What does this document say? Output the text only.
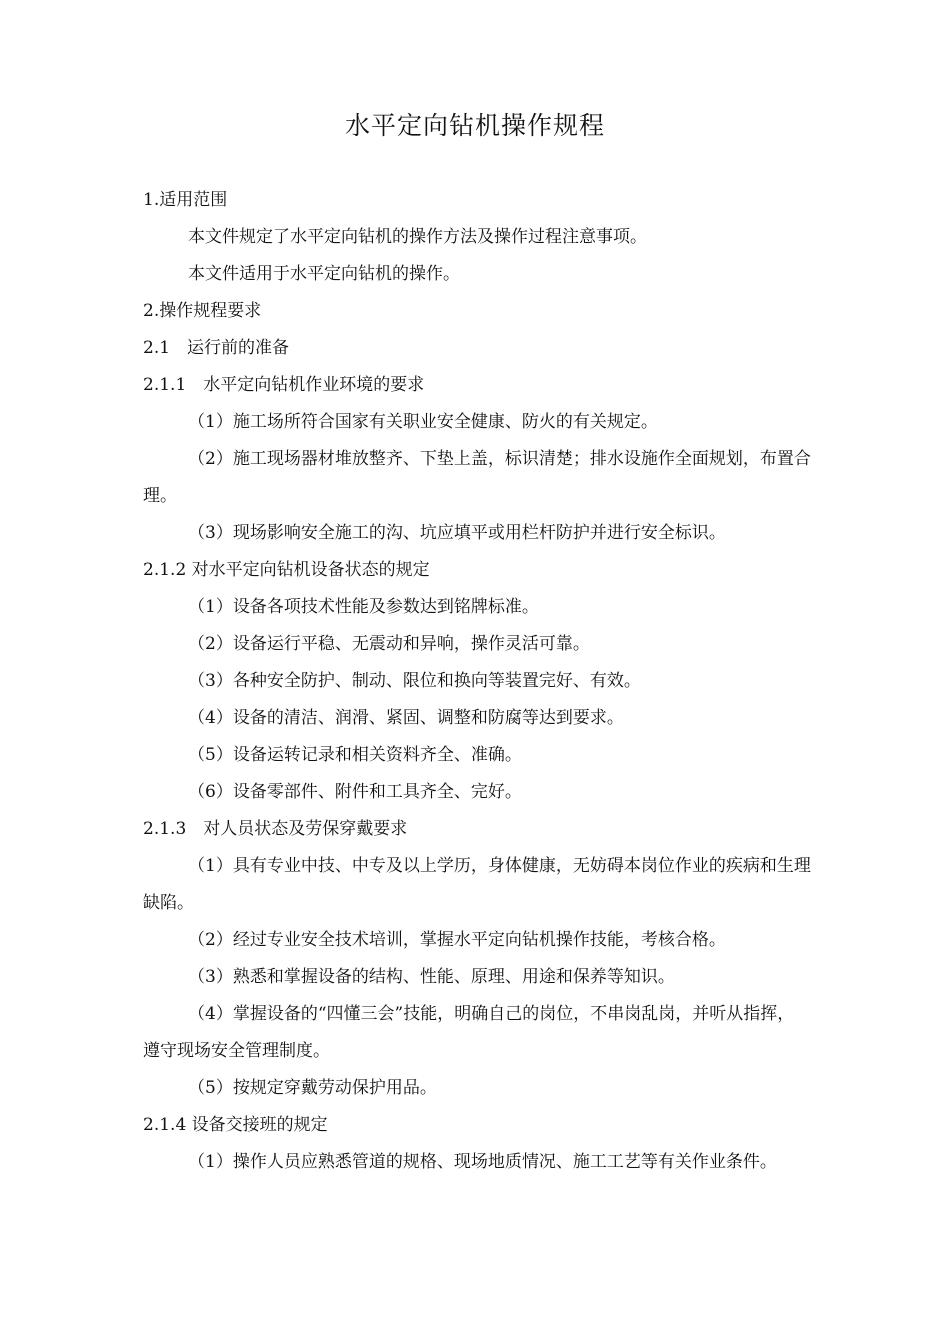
水平定向钻机操作规程

1.适用范围

本文件规定了水平定向钻机的操作方法及操作过程注意事项。

本文件适用于水平定向钻机的操作。

2.操作规程要求

2.1　运行前的准备

2.1.1　水平定向钻机作业环境的要求

（1）施工场所符合国家有关职业安全健康、防火的有关规定。

（2）施工现场器材堆放整齐、下垫上盖，标识清楚；排水设施作全面规划，布置合理。

（3）现场影响安全施工的沟、坑应填平或用栏杆防护并进行安全标识。

2.1.2 对水平定向钻机设备状态的规定

（1）设备各项技术性能及参数达到铭牌标准。

（2）设备运行平稳、无震动和异响，操作灵活可靠。

（3）各种安全防护、制动、限位和换向等装置完好、有效。

（4）设备的清洁、润滑、紧固、调整和防腐等达到要求。

（5）设备运转记录和相关资料齐全、准确。

（6）设备零部件、附件和工具齐全、完好。

2.1.3　对人员状态及劳保穿戴要求

（1）具有专业中技、中专及以上学历，身体健康，无妨碍本岗位作业的疾病和生理缺陷。

（2）经过专业安全技术培训，掌握水平定向钻机操作技能，考核合格。

（3）熟悉和掌握设备的结构、性能、原理、用途和保养等知识。

（4）掌握设备的“四懂三会”技能，明确自己的岗位，不串岗乱岗，并听从指挥，遵守现场安全管理制度。

（5）按规定穿戴劳动保护用品。

2.1.4 设备交接班的规定

（1）操作人员应熟悉管道的规格、现场地质情况、施工工艺等有关作业条件。
